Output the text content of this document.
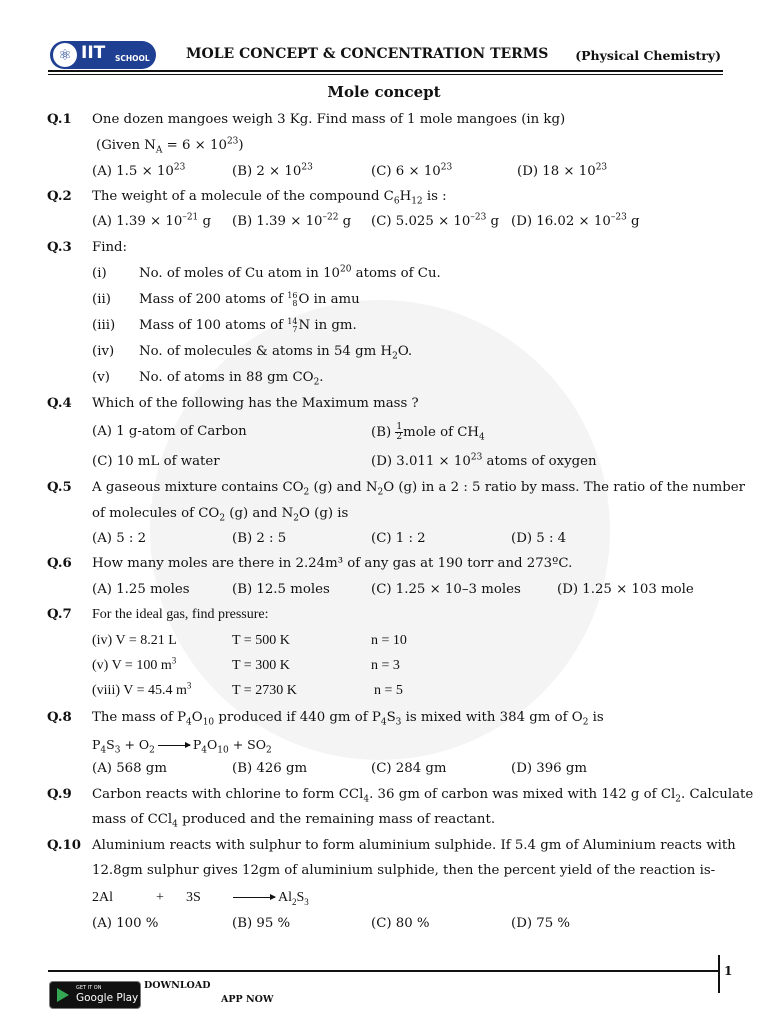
⚛ IIT SCHOOL	MOLE CONCEPT & CONCENTRATION TERMS (Physical Chemistry)
Mole concept
Q.1 One dozen mangoes weigh 3 Kg. Find mass of 1 mole mangoes (in kg)
(Given $N_A = 6 \times 10^{23}$)
(A) $1.5 \times 10^{23}$	(B) $2 \times 10^{23}$	(C) $6 \times 10^{23}$	(D) $18 \times 10^{23}$
Q.2 The weight of a molecule of the compound $C_6H_{12}$ is :
(A) $1.39 \times 10^{-21}$ g (B) $1.39 \times 10^{-22}$ g (C) $5.025 \times 10^{-23}$ g (D) $16.02 \times 10^{-23}$ g
Q.3 Find:
(i) No. of moles of Cu atom in $10^{20}$ atoms of Cu.
(ii) Mass of 200 atoms of 16
8 O in amu
(iii) Mass of 100 atoms of 14
7 N in gm.
(iv) No. of molecules & atoms in 54 gm $H_2O$.
(v) No. of atoms in 88 gm $CO_2$.
Q.4 Which of the following has the Maximum mass ?
(A) 1 g-atom of Carbon	$(B) \frac{1}{2}$ mole of $CH_4$
(C) 10 mL of water	(D) $3.011 \times 10^{23}$ atoms of oxygen
Q.5 A gaseous mixture contains $CO_2$ (g) and $N_2O$ (g) in a 2 : 5 ratio by mass. The ratio of the number
of molecules of $CO_2$ (g) and $N_2O$ (g) is
(A) 5 : 2	(B) 2 : 5	(C) 1 : 2	(D) 5 : 4
Q.6 How many moles are there in 2.24m³ of any gas at 190 torr and 273ºC.
(A) 1.25 moles	(B) 12.5 moles	(C) 1.25 × 10–3 moles	(D) 1.25 × 103 mole
Q.7 For the ideal gas, find pressure:
(iv) V = 8.21 L	T = 500 K	n = 10
(v) V = 100 $m^3$	T = 300 K	n = 3
(viii) V = 45.4 $m^3$	T = 2730 K	n = 5
Q.8 The mass of $P_4O_{10}$ produced if 440 gm of $P_4S_3$ is mixed with 384 gm of $O_2$ is
$P_4S_3 + O_2 \to P_4O_{10} + SO_2$
(A) 568 gm	(B) 426 gm	(C) 284 gm	(D) 396 gm
Q.9 Carbon reacts with chlorine to form CCl$_4$. 36 gm of carbon was mixed with 142 g of $Cl_2$. Calculate
mass of CCl$_4$ produced and the remaining mass of reactant.
Q.10 Aluminium reacts with sulphur to form aluminium sulphide. If 5.4 gm of Aluminium reacts with
12.8gm sulphur gives 12gm of aluminium sulphide, then the percent yield of the reaction is-
2Al	+ $3S \to Al_2S_3$
(A) 100 %	(B) 95 %	(C) 80 %	(D) 75 %
1
GET IT ON
Google Play
DOWNLOAD
APP NOW
